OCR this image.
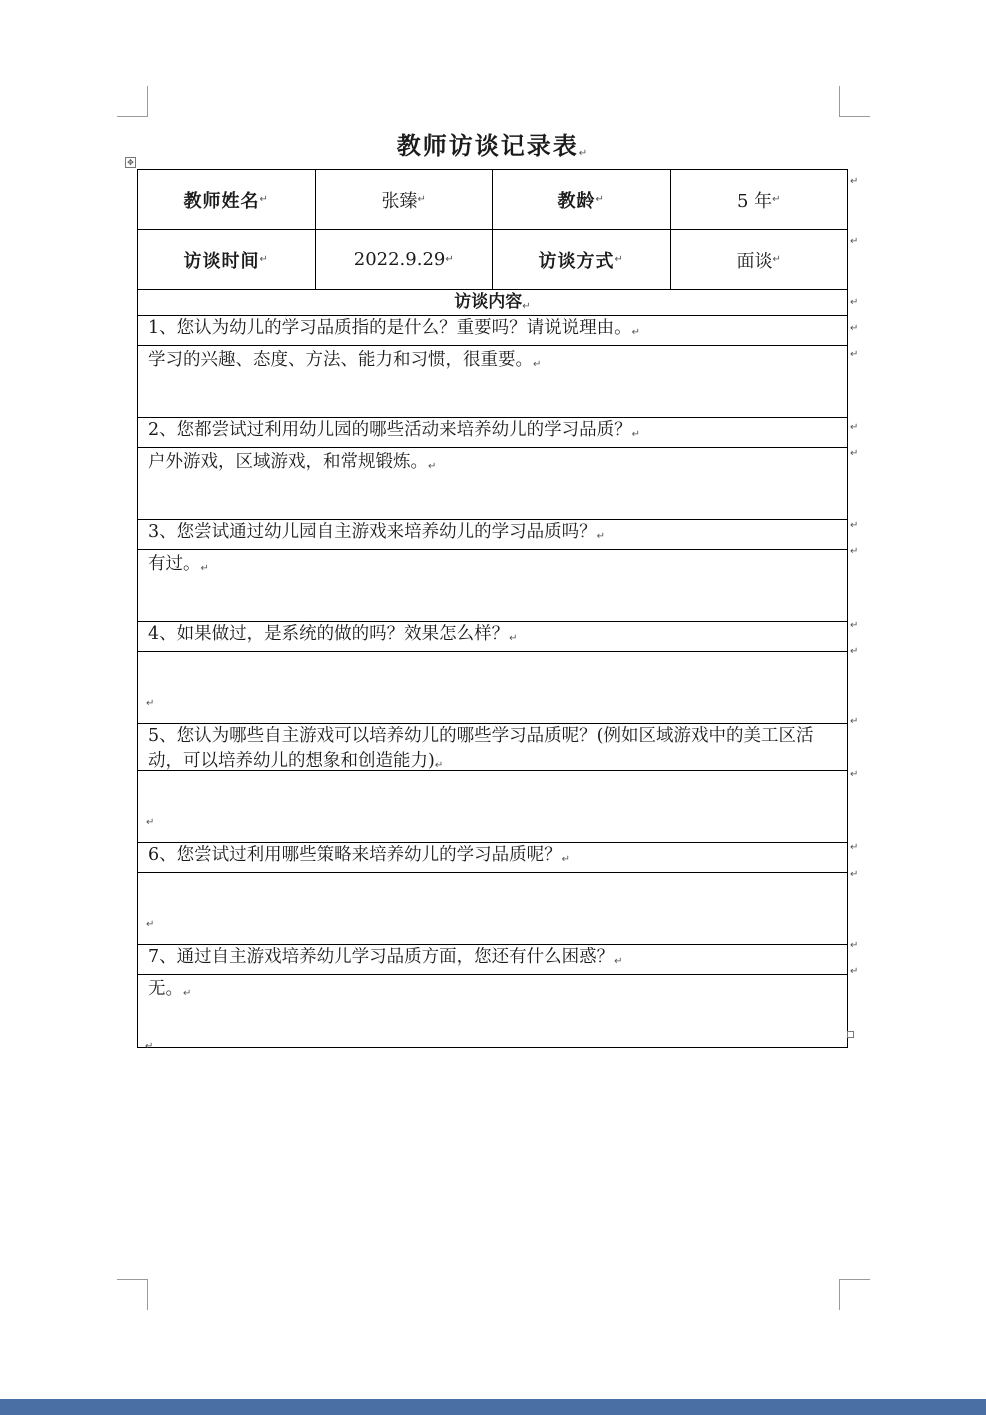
教师访谈记录表↵
✥
教师姓名 ↵	张臻 ↵	教龄 ↵	5 年 ↵
访谈时间 ↵	2022.9.29 ↵	访谈方式 ↵	面谈 ↵
访谈内容↵
1、您认为幼儿的学习品质指的是什么？重要吗？请说说理由。↵
学习的兴趣、态度、方法、能力和习惯，很重要。↵
2、您都尝试过利用幼儿园的哪些活动来培养幼儿的学习品质？↵
户外游戏，区域游戏，和常规锻炼。↵
3、您尝试通过幼儿园自主游戏来培养幼儿的学习品质吗？↵
有过。↵
4、如果做过，是系统的做的吗？效果怎么样？↵
↵
5、您认为哪些自主游戏可以培养幼儿的哪些学习品质呢？(例如区域游戏中的美工区活动，可以培养幼儿的想象和创造能力)↵
↵
6、您尝试过利用哪些策略来培养幼儿的学习品质呢？↵
↵
7、通过自主游戏培养幼儿学习品质方面，您还有什么困惑？↵
无。↵
↵
↵
↵
↵
↵
↵
↵
↵
↵
↵
↵
↵
↵
↵
↵
↵
↵
↵
